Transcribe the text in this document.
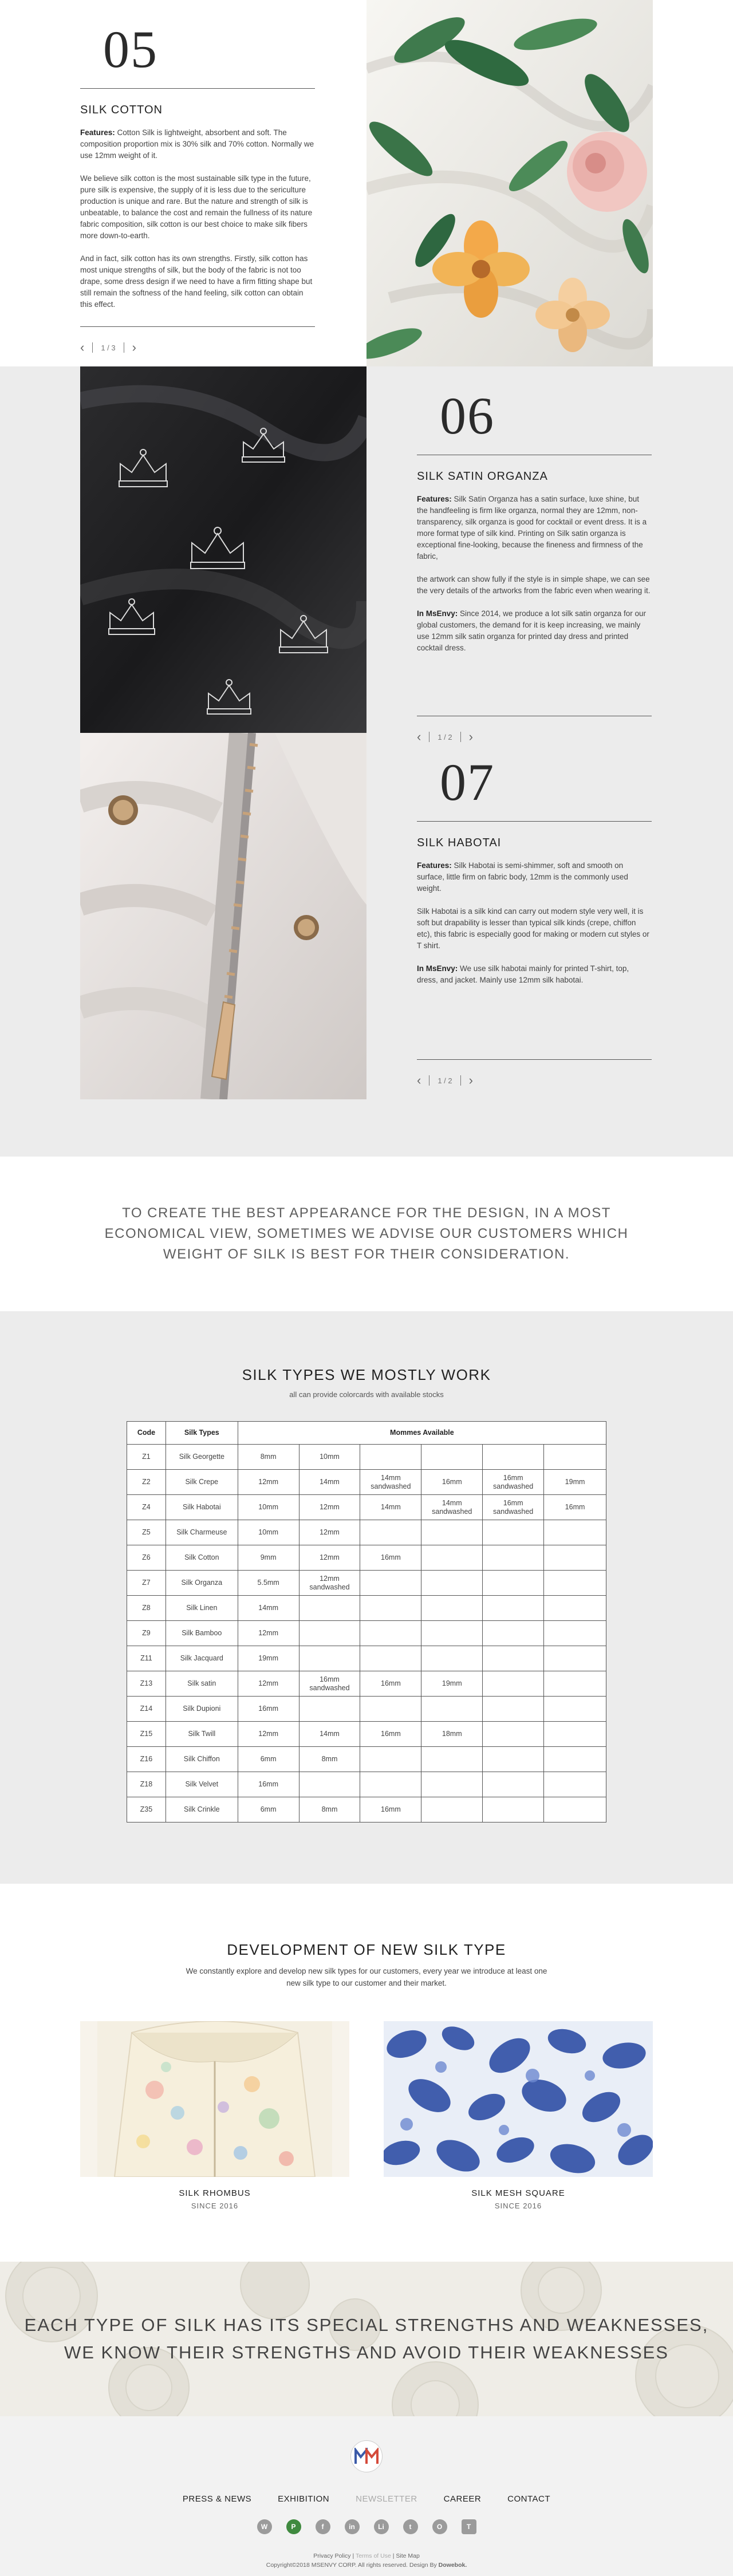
05
SILK COTTON

Features: Cotton Silk is lightweight, absorbent and soft. The composition proportion mix is 30% silk and 70% cotton. Normally we use 12mm weight of it.

We believe silk cotton is the most sustainable silk type in the future, pure silk is expensive, the supply of it is less due to the sericulture production is unique and rare. But the nature and strength of silk is unbeatable, to balance the cost and remain the fullness of its nature fabric composition, silk cotton is our best choice to make silk fibers more down-to-earth.

And in fact, silk cotton has its own strengths. Firstly, silk cotton has most unique strengths of silk, but the body of the fabric is not too drape, some dress design if we need to have a firm fitting shape but still remain the softness of the hand feeling, silk cotton can obtain this effect.

‹ 1 / 3 ›
06
SILK SATIN ORGANZA

Features: Silk Satin Organza has a satin surface, luxe shine, but the handfeeling is firm like organza, normal they are 12mm, non-transparency, silk organza is good for cocktail or event dress. It is a more format type of silk kind. Printing on Silk satin organza is exceptional fine-looking, because the fineness and firmness of the fabric,

the artwork can show fully if the style is in simple shape, we can see the very details of the artworks from the fabric even when wearing it.

In MsEnvy: Since 2014, we produce a lot silk satin organza for our global customers, the demand for it is keep increasing, we mainly use 12mm silk satin organza for printed day dress and printed cocktail dress.

‹ 1 / 2 ›
07
SILK HABOTAI

Features: Silk Habotai is semi-shimmer, soft and smooth on surface, little firm on fabric body, 12mm is the commonly used weight.

Silk Habotai is a silk kind can carry out modern style very well, it is soft but drapability is lesser than typical silk kinds (crepe, chiffon etc), this fabric is especially good for making or modern cut styles or T shirt.

In MsEnvy: We use silk habotai mainly for printed T-shirt, top, dress, and jacket. Mainly use 12mm silk habotai.

‹ 1 / 2 ›

TO CREATE THE BEST APPEARANCE FOR THE DESIGN, IN A MOST ECONOMICAL VIEW, SOMETIMES WE ADVISE OUR CUSTOMERS WHICH WEIGHT OF SILK IS BEST FOR THEIR CONSIDERATION.

SILK TYPES WE MOSTLY WORK
all can provide colorcards with available stocks
Code	Silk Types	Mommes Available					
Z1	Silk Georgette	8mm	10mm				
Z2	Silk Crepe	12mm	14mm	14mm sandwashed	16mm	16mm sandwashed	19mm
Z4	Silk Habotai	10mm	12mm	14mm	14mm sandwashed	16mm sandwashed	16mm
Z5	Silk Charmeuse	10mm	12mm				
Z6	Silk Cotton	9mm	12mm	16mm			
Z7	Silk Organza	5.5mm	12mm sandwashed				
Z8	Silk Linen	14mm					
Z9	Silk Bamboo	12mm					
Z11	Silk Jacquard	19mm					
Z13	Silk satin	12mm	16mm sandwashed	16mm	19mm		
Z14	Silk Dupioni	16mm					
Z15	Silk Twill	12mm	14mm	16mm	18mm		
Z16	Silk Chiffon	6mm	8mm				
Z18	Silk Velvet	16mm					
Z35	Silk Crinkle	6mm	8mm	16mm			
DEVELOPMENT OF NEW SILK TYPE
We constantly explore and develop new silk types for our customers, every year we introduce at least one
new silk type to our customer and their market.
SILK RHOMBUS
SINCE 2016
SILK MESH SQUARE
SINCE 2016

EACH TYPE OF SILK HAS ITS SPECIAL STRENGTHS AND WEAKNESSES,
WE KNOW THEIR STRENGTHS AND AVOID THEIR WEAKNESSES

PRESS & NEWS	EXHIBITION	NEWSLETTER	CAREER	CONTACT
W	P	f	in	Li	t	O	T
Privacy Policy | Terms of Use | Site Map
Copyright©2018 MSENVY CORP. All rights reserved. Design By Dowebok.
